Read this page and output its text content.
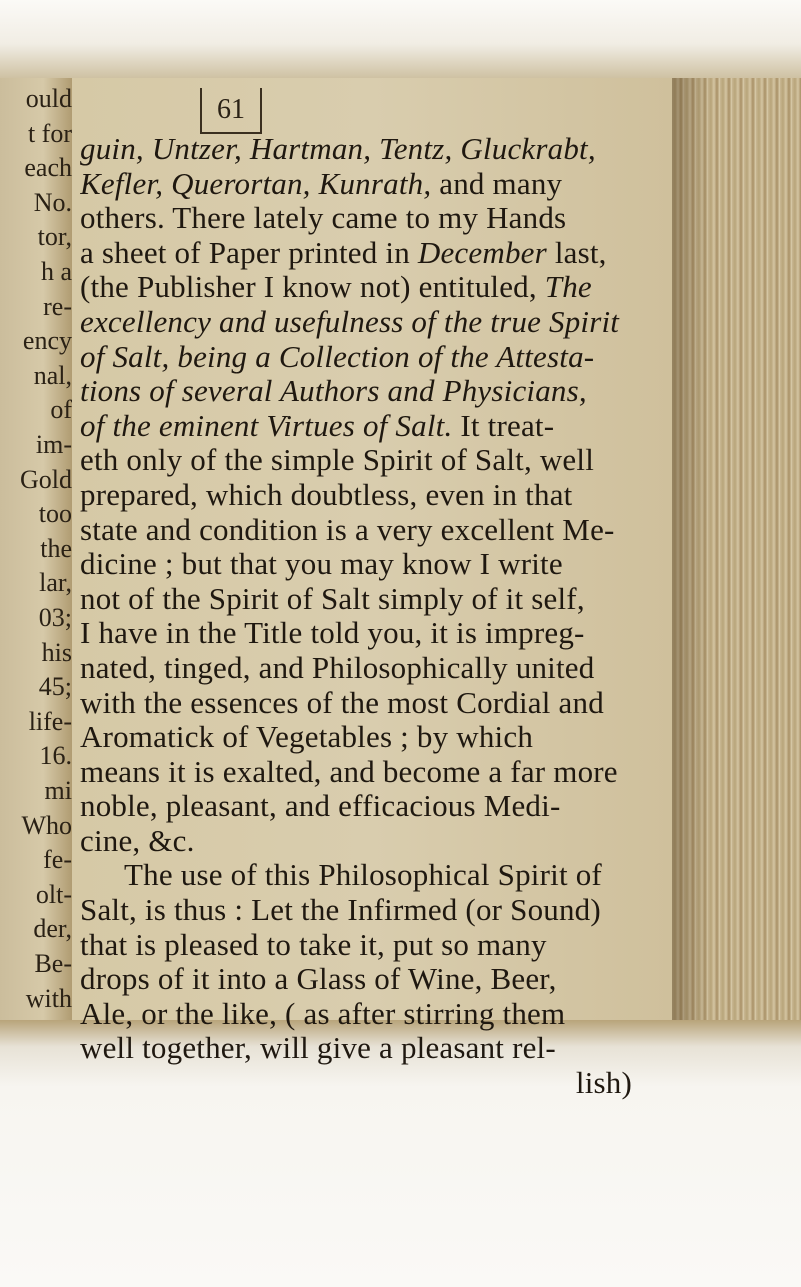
ould
t for
each
No.
tor,
h a
re-
ency
nal,
of
im-
Gold
too
the
lar,
03;
his
45;
life-
16.
mi
Who
fe-
olt-
der,
Be-
with
61
guin, Untzer, Hartman, Tentz, Gluckrabt,
Kefler, Querortan, Kunrath, and many
others. There lately came to my Hands
a sheet of Paper printed in December last,
(the Publisher I know not) entituled, The
excellency and usefulness of the true Spirit
of Salt, being a Collection of the Attesta-
tions of several Authors and Physicians,
of the eminent Virtues of Salt. It treat-
eth only of the simple Spirit of Salt, well
prepared, which doubtless, even in that
state and condition is a very excellent Me-
dicine ; but that you may know I write
not of the Spirit of Salt simply of it self,
I have in the Title told you, it is impreg-
nated, tinged, and Philosophically united
with the essences of the most Cordial and
Aromatick of Vegetables ; by which
means it is exalted, and become a far more
noble, pleasant, and efficacious Medi-
cine, &c.
The use of this Philosophical Spirit of
Salt, is thus : Let the Infirmed (or Sound)
that is pleased to take it, put so many
drops of it into a Glass of Wine, Beer,
Ale, or the like, ( as after stirring them
well together, will give a pleasant rel-
lish)
